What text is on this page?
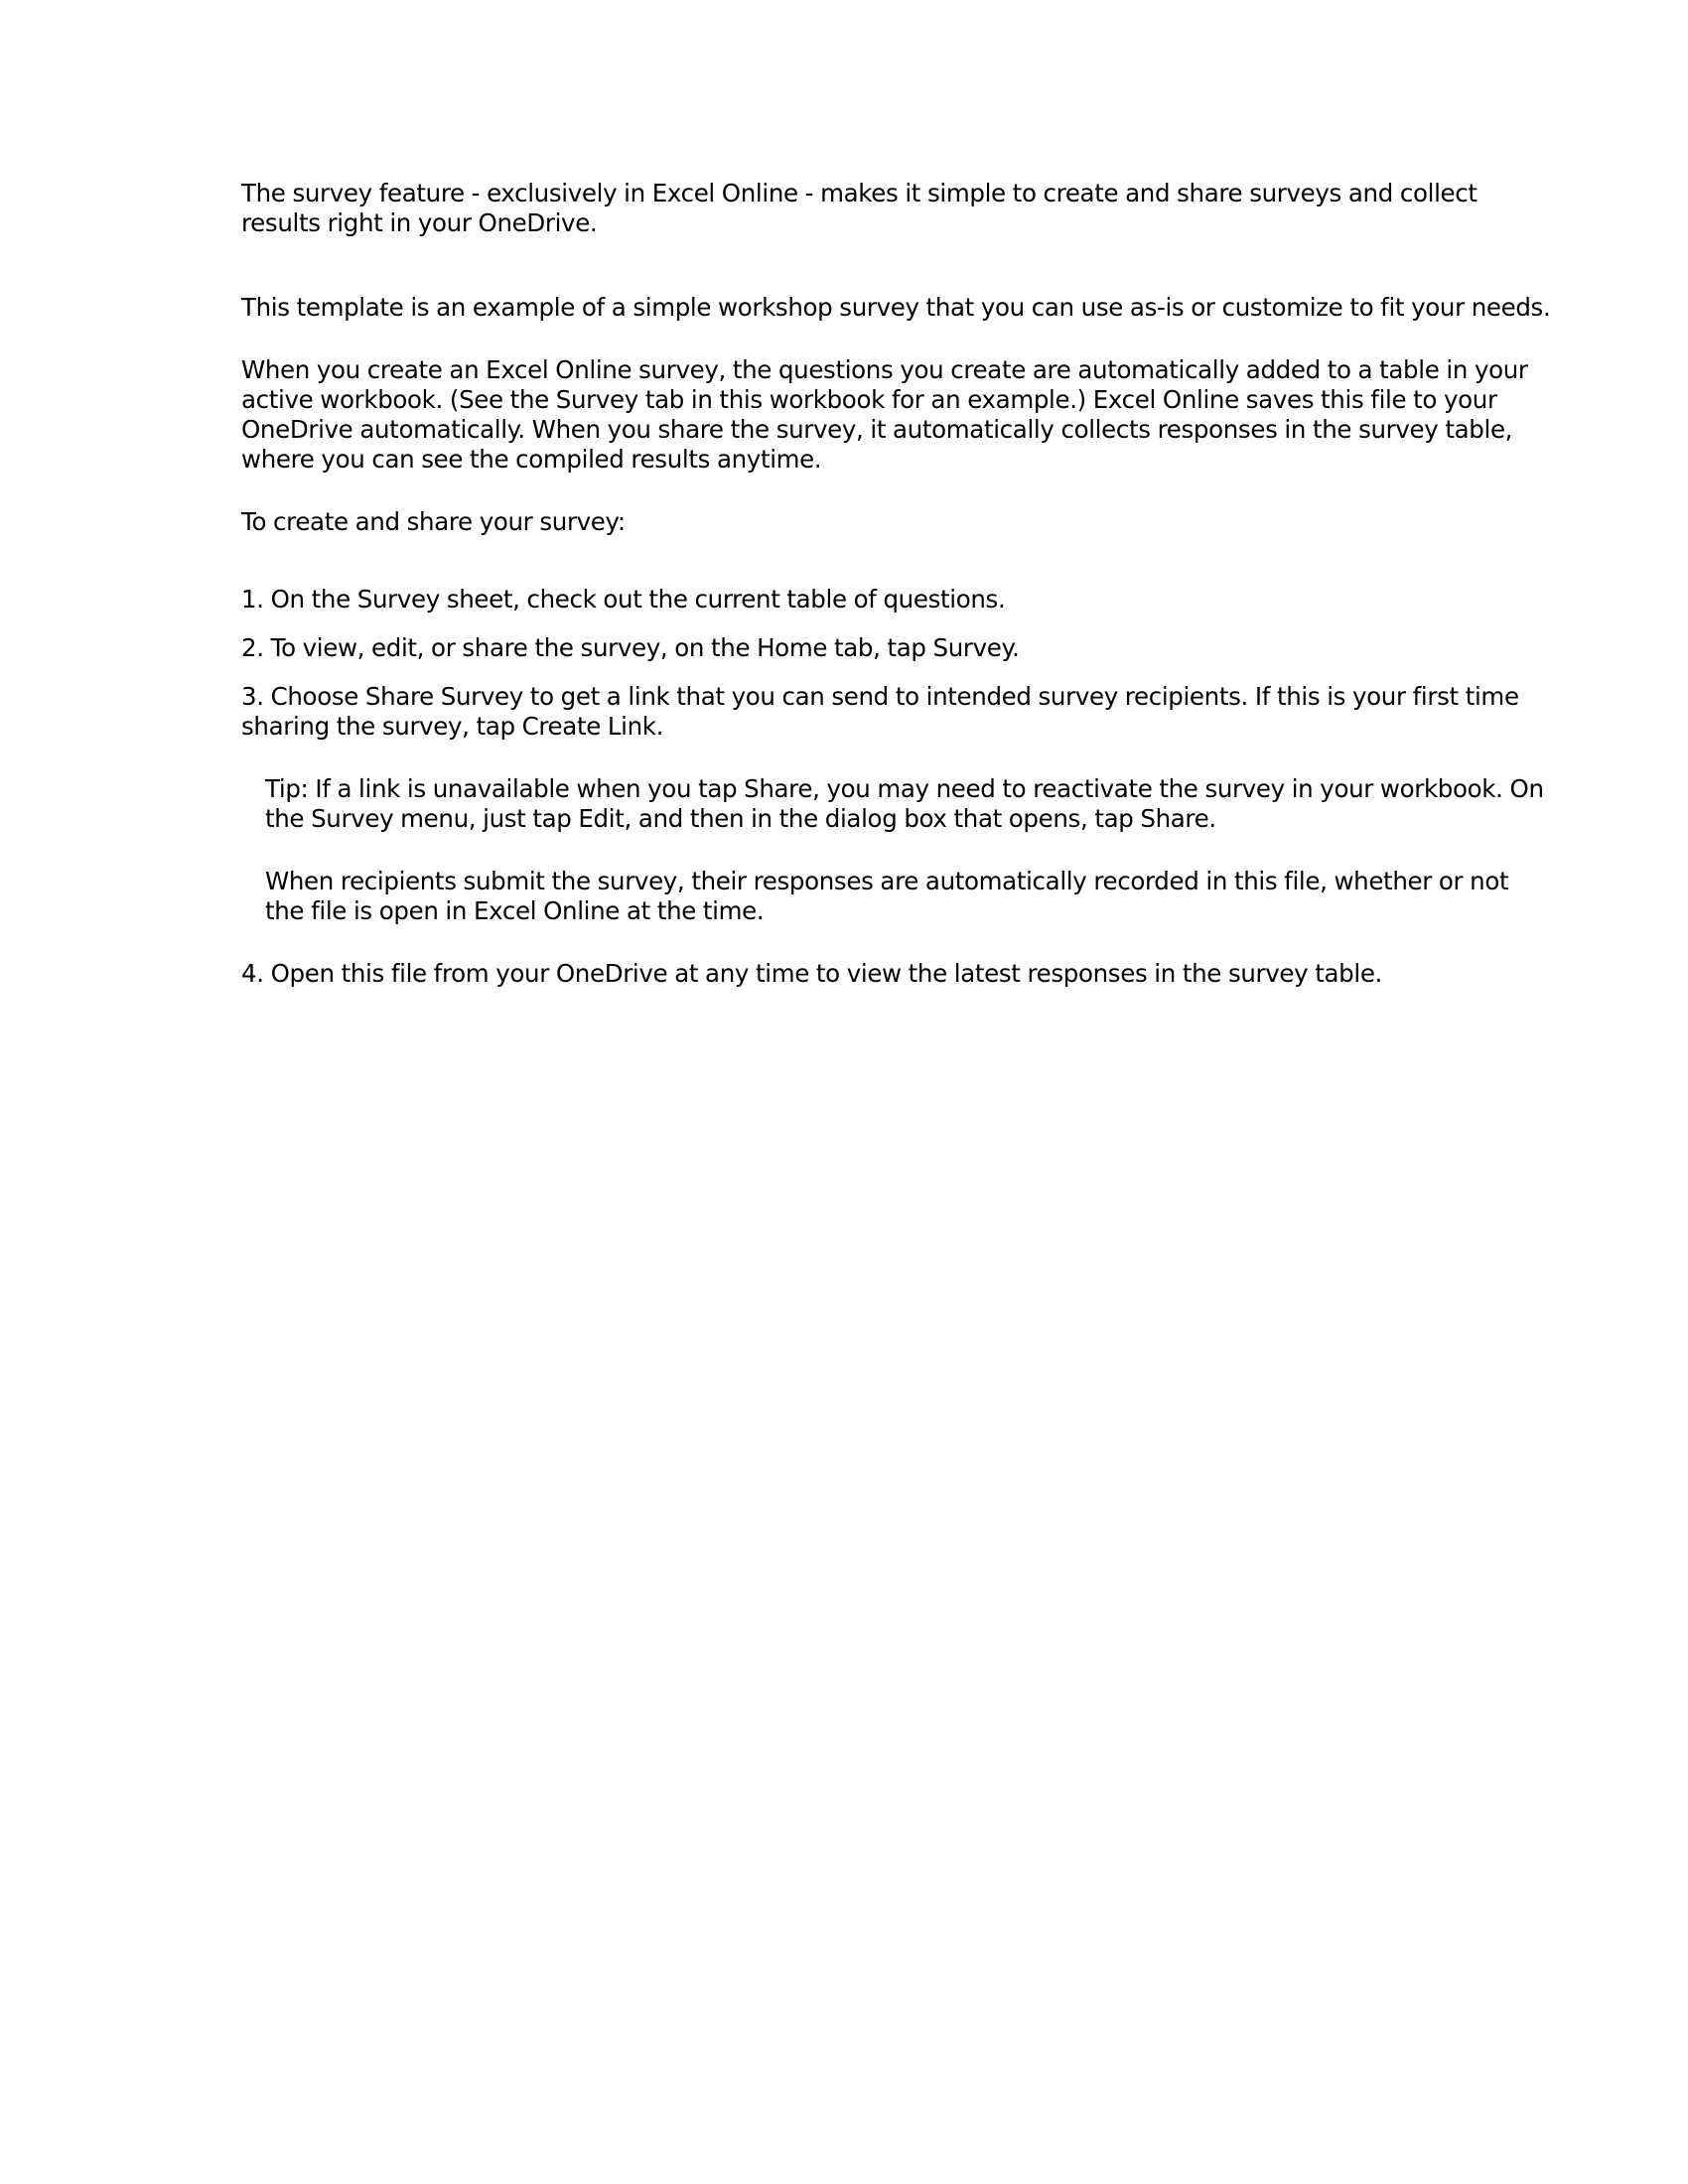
The survey feature - exclusively in Excel Online - makes it simple to create and share surveys and collect results right in your OneDrive.

This template is an example of a simple workshop survey that you can use as-is or customize to fit your needs.

When you create an Excel Online survey, the questions you create are automatically added to a table in your active workbook. (See the Survey tab in this workbook for an example.) Excel Online saves this file to your OneDrive automatically. When you share the survey, it automatically collects responses in the survey table, where you can see the compiled results anytime.

To create and share your survey:

1. On the Survey sheet, check out the current table of questions.
2. To view, edit, or share the survey, on the Home tab, tap Survey.
3. Choose Share Survey to get a link that you can send to intended survey recipients. If this is your first time sharing the survey, tap Create Link.

Tip: If a link is unavailable when you tap Share, you may need to reactivate the survey in your workbook. On the Survey menu, just tap Edit, and then in the dialog box that opens, tap Share.

When recipients submit the survey, their responses are automatically recorded in this file, whether or not the file is open in Excel Online at the time.

4. Open this file from your OneDrive at any time to view the latest responses in the survey table.
